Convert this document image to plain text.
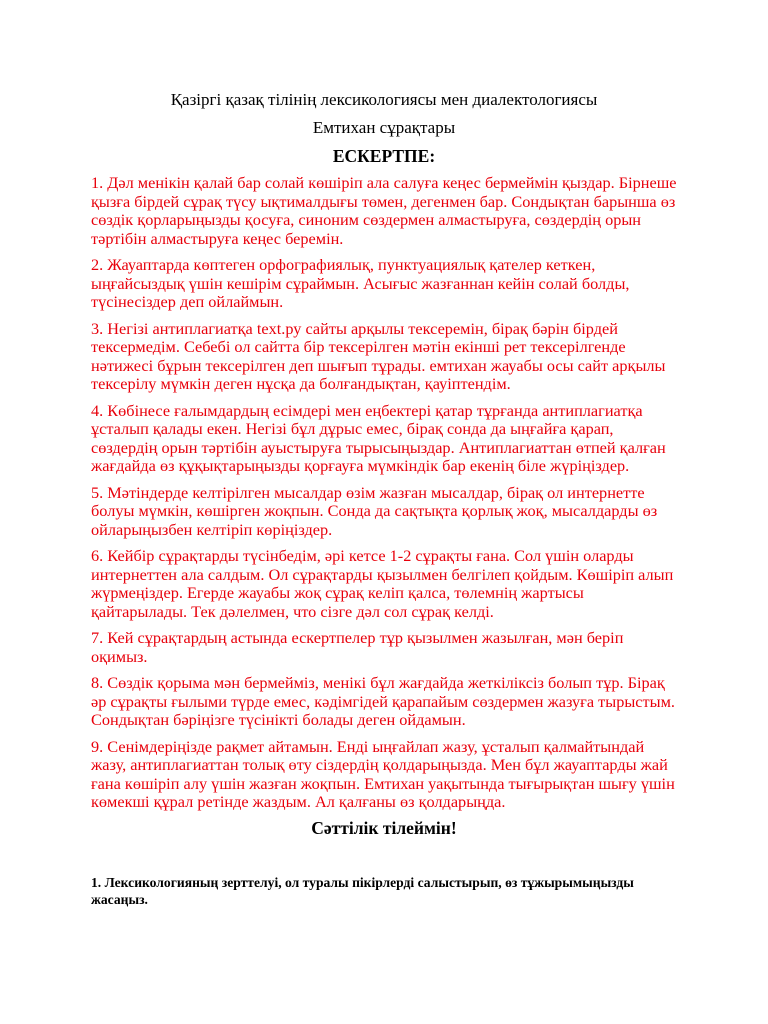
Қазіргі қазақ тілінің лексикологиясы мен диалектологиясы
Емтихан сұрақтары
ЕСКЕРТПЕ:
1. Дәл менікін қалай бар солай көшіріп ала салуға кеңес бермеймін қыздар. Бірнеше қызға бірдей сұрақ түсу ықтималдығы төмен, дегенмен бар. Сондықтан барынша өз сөздік қорларыңызды қосуға, синоним сөздермен алмастыруға, сөздердің орын тәртібін алмастыруға кеңес беремін.
2. Жауаптарда көптеген орфографиялық, пунктуациялық қателер кеткен, ыңғайсыздық үшін кешірім сұраймын. Асығыс жазғаннан кейін солай болды, түсінесіздер деп ойлаймын.
3. Негізі антиплагиатқа text.ру сайты арқылы тексеремін, бірақ бәрін бірдей тексермедім. Себебі ол сайтта бір тексерілген мәтін екінші рет тексерілгенде нәтижесі бұрын тексерілген деп шығып тұрады. емтихан жауабы осы сайт арқылы тексерілу мүмкін деген нұсқа да болғандықтан, қауіптендім.
4. Көбінесе ғалымдардың есімдері мен еңбектері қатар тұрғанда антиплагиатқа ұсталып қалады екен. Негізі бұл дұрыс емес, бірақ сонда да ыңғайға қарап, сөздердің орын тәртібін ауыстыруға тырысыңыздар. Антиплагиаттан өтпей қалған жағдайда өз құқықтарыңызды қорғауға мүмкіндік бар екенің біле жүріңіздер.
5. Мәтіндерде келтірілген мысалдар өзім жазған мысалдар, бірақ ол интернетте болуы мүмкін, көшірген жоқпын. Сонда да сақтықта қорлық жоқ, мысалдарды өз ойларыңызбен келтіріп көріңіздер.
6. Кейбір сұрақтарды түсінбедім, әрі кетсе 1-2 сұрақты ғана. Сол үшін оларды интернеттен ала салдым. Ол сұрақтарды қызылмен белгілеп қойдым. Көшіріп алып жүрмеңіздер. Егерде жауабы жоқ сұрақ келіп қалса, төлемнің жартысы қайтарылады. Тек дәлелмен, что сізге дәл сол сұрақ келді.
7. Кей сұрақтардың астында ескертпелер тұр қызылмен жазылған, мән беріп оқимыз.
8. Сөздік қорыма мән бермейміз, менікі бұл жағдайда жеткіліксіз болып тұр. Бірақ әр сұрақты ғылыми түрде емес, кәдімгідей қарапайым сөздермен жазуға тырыстым. Сондықтан бәріңізге түсінікті болады деген ойдамын.
9. Сенімдеріңізде рақмет айтамын. Енді ыңғайлап жазу, ұсталып қалмайтындай жазу, антиплагиаттан толық өту сіздердің қолдарыңызда. Мен бұл жауаптарды жай ғана көшіріп алу үшін жазған жоқпын. Емтихан уақытында тығырықтан шығу үшін көмекші құрал ретінде жаздым. Ал қалғаны өз қолдарыңда.
Сәттілік тілеймін!
1. Лексикологияның зерттелуі, ол туралы пікірлерді салыстырып, өз тұжырымыңызды жасаңыз.
